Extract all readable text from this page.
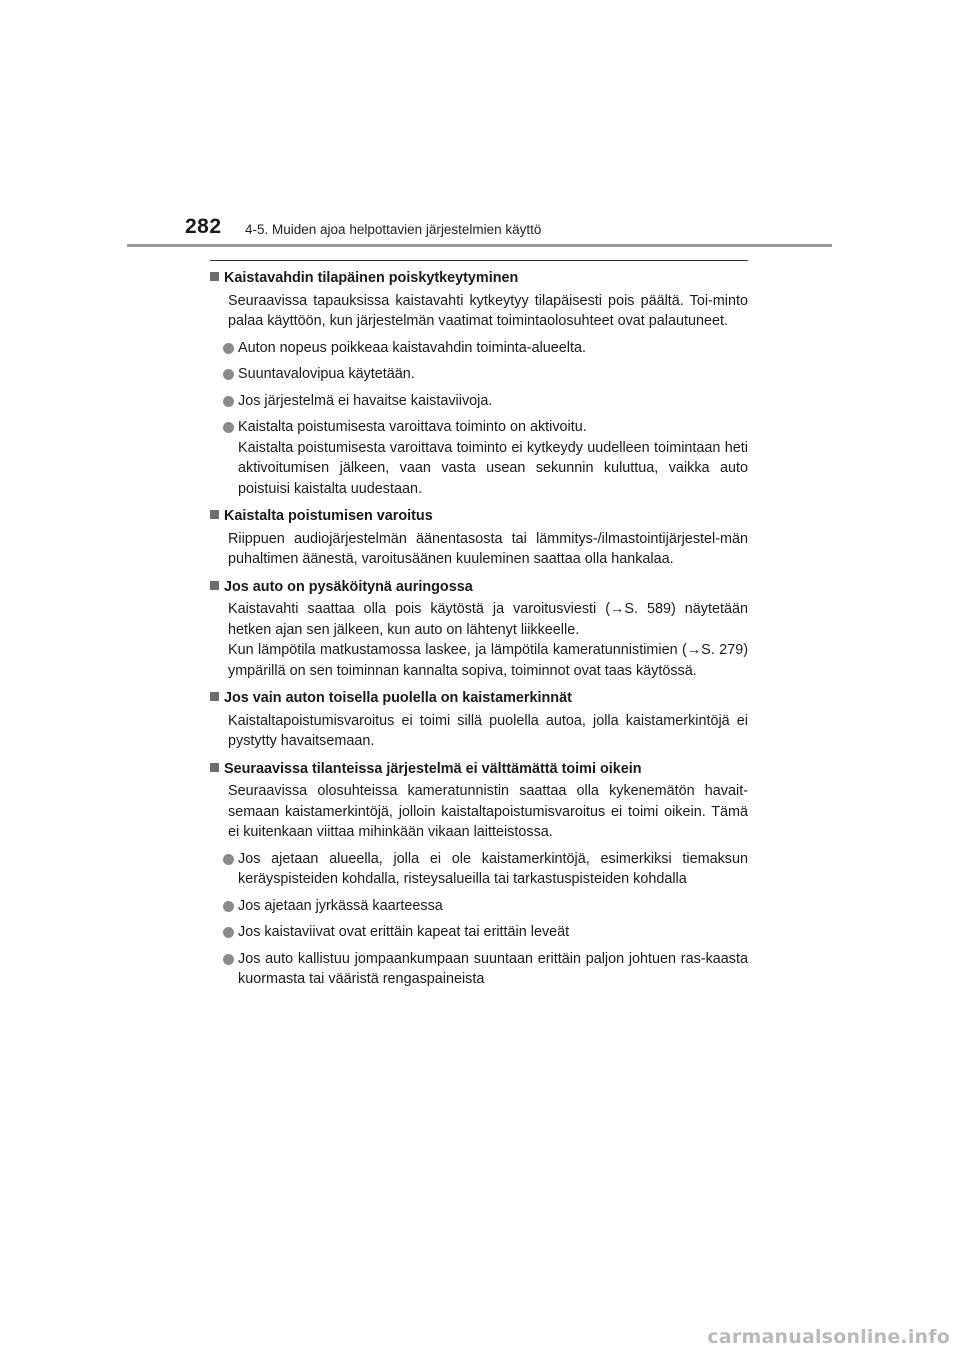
282 4-5. Muiden ajoa helpottavien järjestelmien käyttö
Kaistavahdin tilapäinen poiskytkeytyminen
Seuraavissa tapauksissa kaistavahti kytkeytyy tilapäisesti pois päältä. Toi-minto palaa käyttöön, kun järjestelmän vaatimat toimintaolosuhteet ovat palautuneet.
Auton nopeus poikkeaa kaistavahdin toiminta-alueelta.
Suuntavalovipua käytetään.
Jos järjestelmä ei havaitse kaistaviivoja.
Kaistalta poistumisesta varoittava toiminto on aktivoitu.
Kaistalta poistumisesta varoittava toiminto ei kytkeydy uudelleen toimintaan heti aktivoitumisen jälkeen, vaan vasta usean sekunnin kuluttua, vaikka auto poistuisi kaistalta uudestaan.
Kaistalta poistumisen varoitus
Riippuen audiojärjestelmän äänentasosta tai lämmitys-/ilmastointijärjestel-män puhaltimen äänestä, varoitusäänen kuuleminen saattaa olla hankalaa.
Jos auto on pysäköitynä auringossa
Kaistavahti saattaa olla pois käytöstä ja varoitusviesti (→S. 589) näytetään hetken ajan sen jälkeen, kun auto on lähtenyt liikkeelle.
Kun lämpötila matkustamossa laskee, ja lämpötila kameratunnistimien (→S. 279) ympärillä on sen toiminnan kannalta sopiva, toiminnot ovat taas käytössä.
Jos vain auton toisella puolella on kaistamerkinnät
Kaistaltapoistumisvaroitus ei toimi sillä puolella autoa, jolla kaistamerkintöjä ei pystytty havaitsemaan.
Seuraavissa tilanteissa järjestelmä ei välttämättä toimi oikein
Seuraavissa olosuhteissa kameratunnistin saattaa olla kykenemätön havait-semaan kaistamerkintöjä, jolloin kaistaltapoistumisvaroitus ei toimi oikein. Tämä ei kuitenkaan viittaa mihinkään vikaan laitteistossa.
Jos ajetaan alueella, jolla ei ole kaistamerkintöjä, esimerkiksi tiemaksun keräyspisteiden kohdalla, risteysalueilla tai tarkastuspisteiden kohdalla
Jos ajetaan jyrkässä kaarteessa
Jos kaistaviivat ovat erittäin kapeat tai erittäin leveät
Jos auto kallistuu jompaankumpaan suuntaan erittäin paljon johtuen ras-kaasta kuormasta tai vääristä rengaspaineista
carmanualsonline.info
